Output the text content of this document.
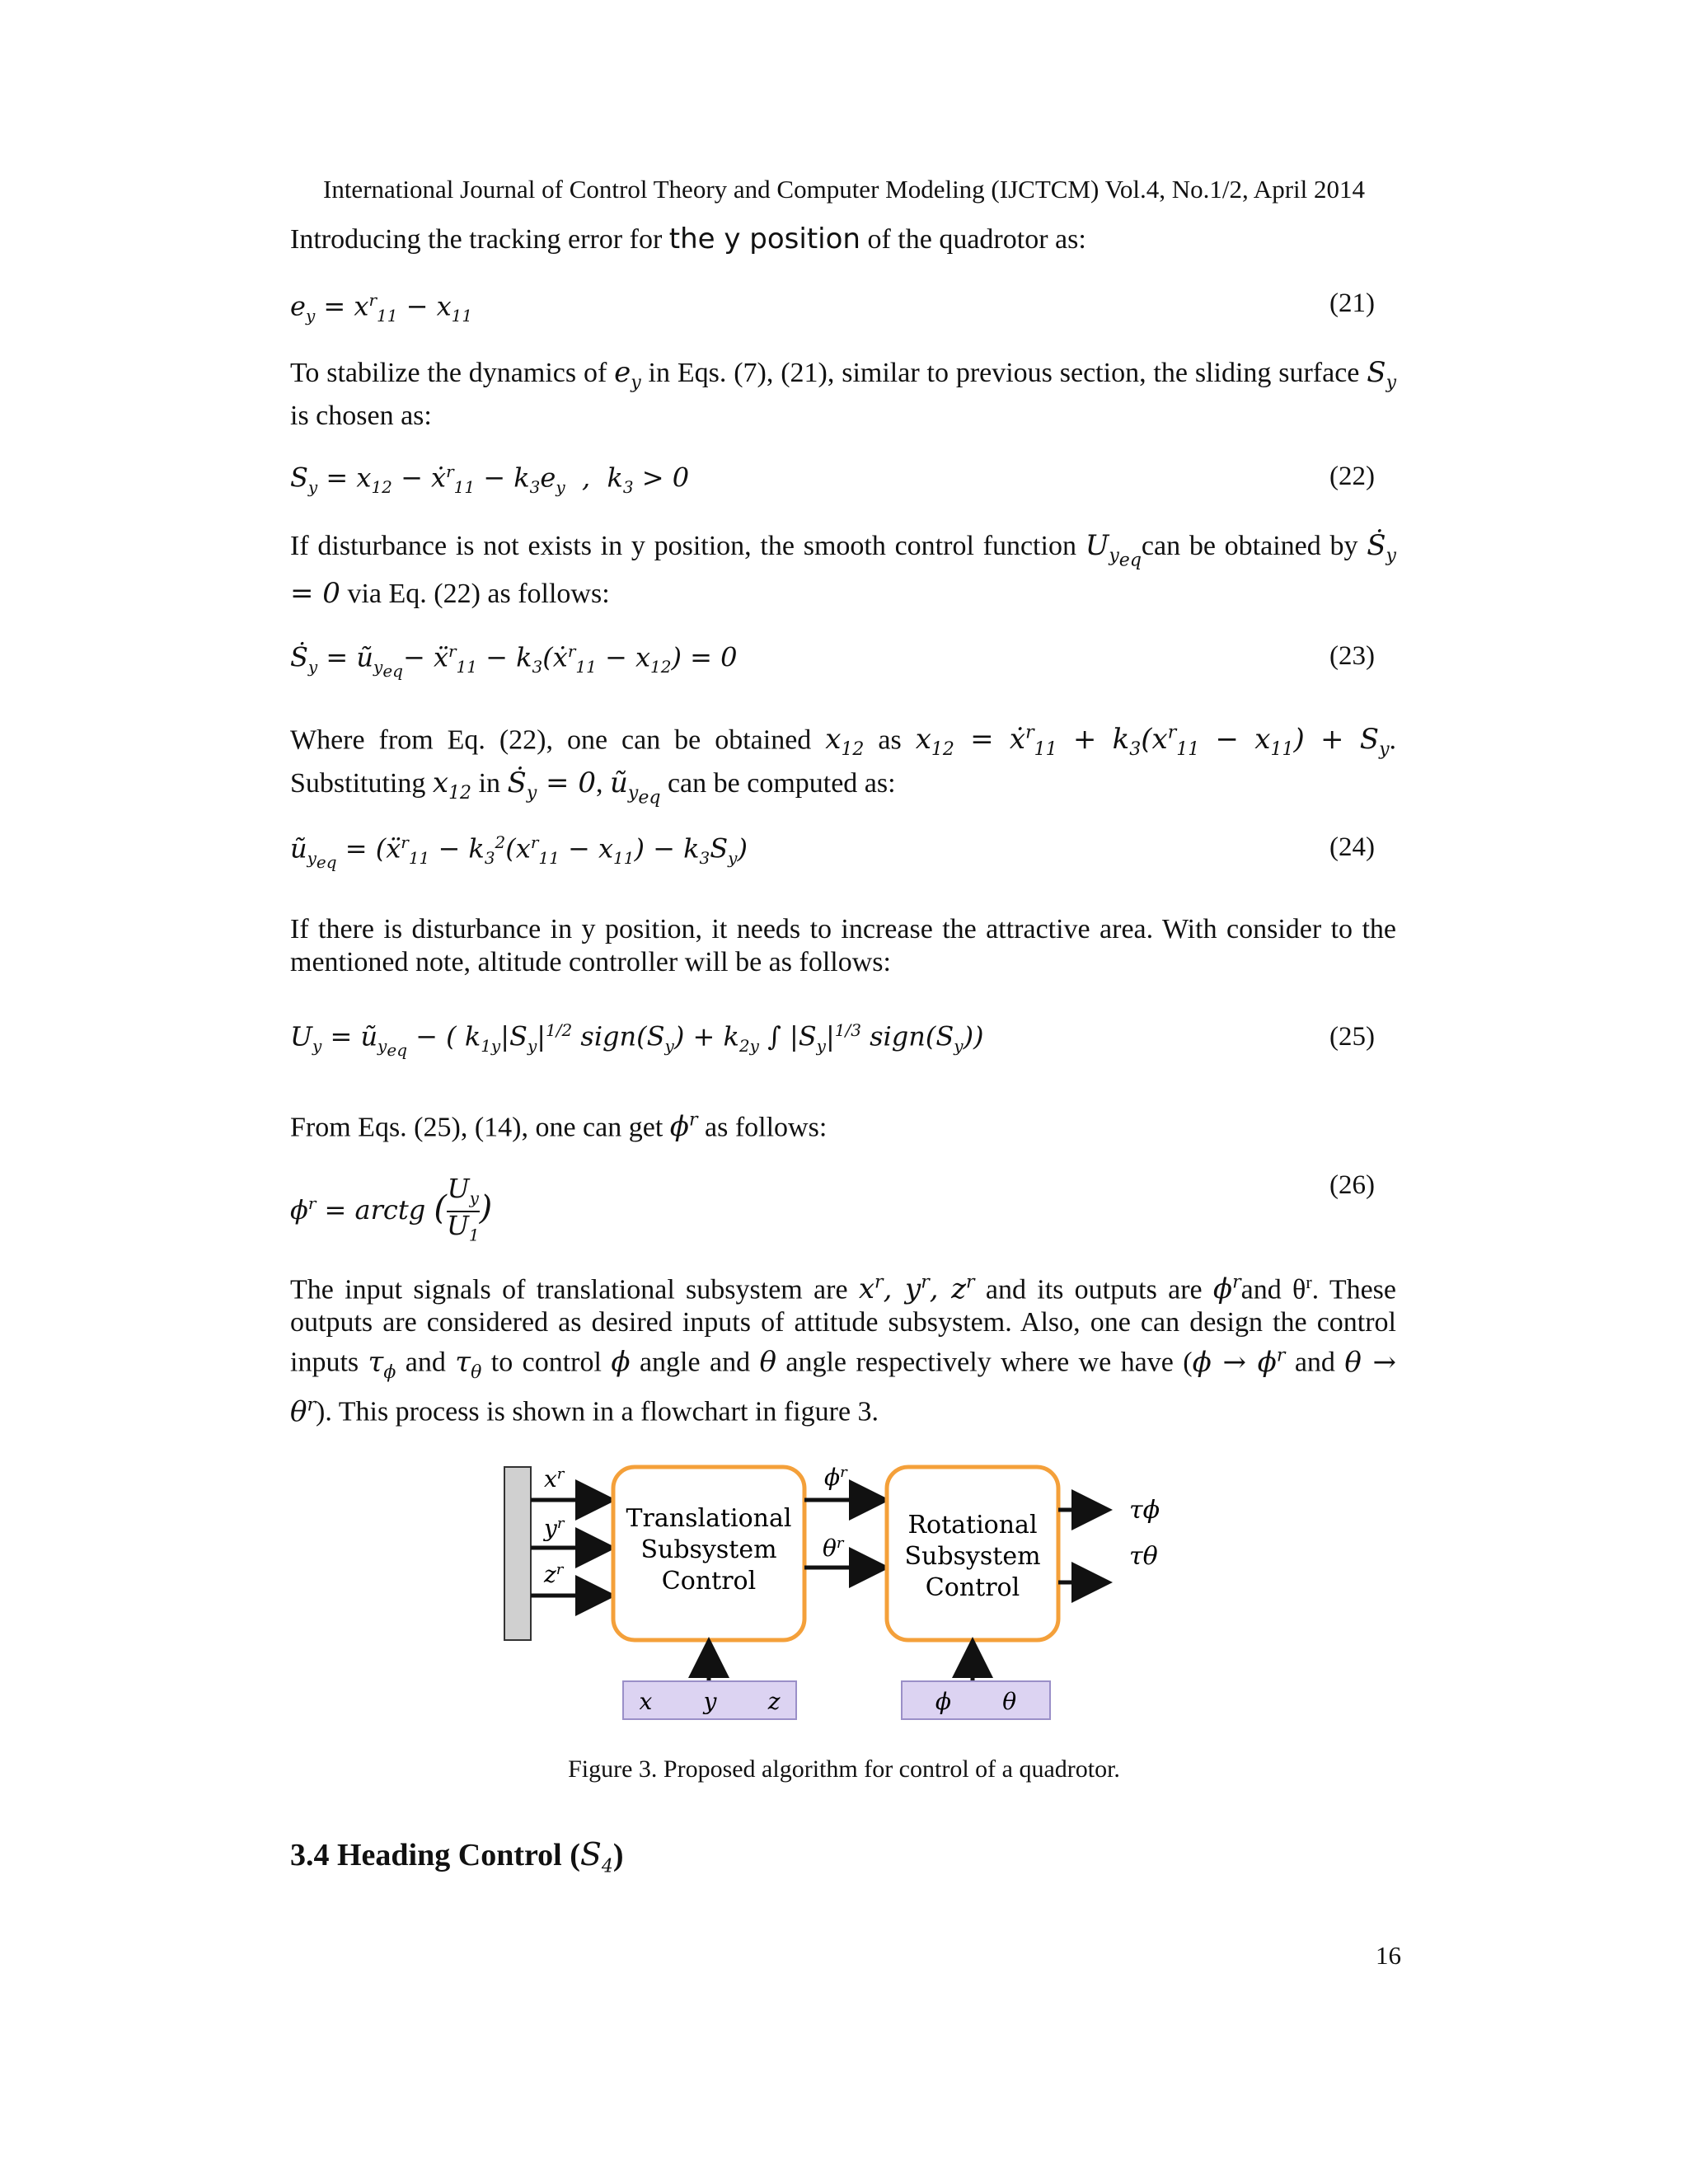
International Journal of Control Theory and Computer Modeling (IJCTCM) Vol.4, No.1/2, April 2014
Introducing the tracking error for the y position of the quadrotor as:
$e_y = x^r_{11} - x_{11}$	(21)
To stabilize the dynamics of $e_y$ in Eqs. (7), (21), similar to previous section, the sliding surface $S_y$ is chosen as:
$S_y = x_{12}$ − ẋ$^r_{11}$ − $k_3e_y$  ,  $k_3 > 0$	(22)
If disturbance is not exists in y position, the smooth control function $U_{y_{eq}}can$ be obtained by Ṡ$_y$ = 0 via Eq. (22) as follows:
Ṡ$_y$ = $ũ_{y_{eq}}-$ ẍ$^r_{11}$ − $k_3(ẋ^r_{11} - x_{12}) = 0$	(23)
Where from Eq. (22), one can be obtained $x_{12}$ as $x_{12}$ = ẋ$^r_{11}$ + $k_3(x^r_{11} - x_{11}) + S_y$. Substituting $x_{12}$ in Ṡ$_y$ = 0, $ũ_{y_{eq}}$ can be computed as:
$ũ_{y_{eq}}$ = (ẍ$^r_{11}$ − $k_3^2(x^r_{11} - x_{11}) - k_3S_y$)	(24)
If there is disturbance in y position, it needs to increase the attractive area. With consider to the mentioned note, altitude controller will be as follows:
$U_y$ = $ũ_{y_{eq}}$ − ( $k_{1y}|S_y|^{1/2}$ $sign(S_y) + k_{2y}$ ∫ $|S_y|^{1/3}$ $sign(S_y)$)	(25)
From Eqs. (25), (14), one can get $\phi^r$ as follows:
$\phi^r$ = arctg ( $\frac{U_y}{U_1}$ )
(26)
The input signals of translational subsystem are $x^r$, $y^r$, $z^r$ and its outputs are $\phi^rand$ $\theta^r$. These outputs are considered as desired inputs of attitude subsystem. Also, one can design the control inputs $\tau_\phi$ and $\tau_\theta$ to control ϕ angle and θ angle respectively where we have ($\phi \to \phi^r$ and $\theta \to \theta^r$). This process is shown in a flowchart in figure 3.
$x^r$
$y^r$
$z^r$
Translational
Subsystem
Control
$\phi^r$
$\theta^r$
Rotational
Subsystem
Control
τϕ
τθ
x       y       z	ϕ       θ
Figure 3. Proposed algorithm for control of a quadrotor.
3.4 Heading Control $(S_4)$
16
